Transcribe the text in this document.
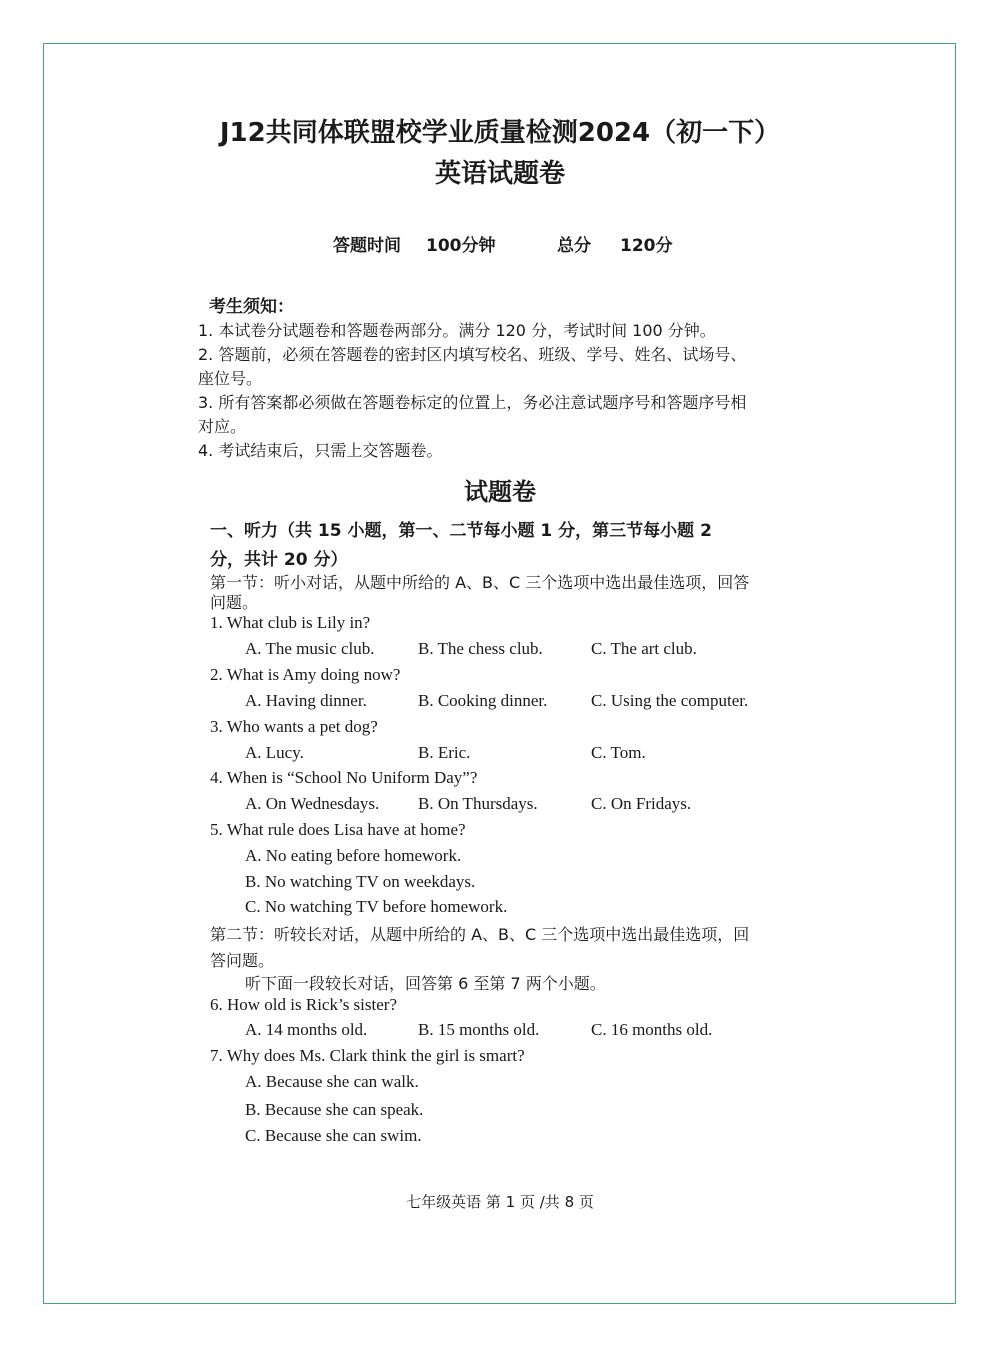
J12共同体联盟校学业质量检测2024（初一下）
英语试题卷
答题时间 100分钟	总分 120分
考生须知：
1. 本试卷分试题卷和答题卷两部分。满分 120 分，考试时间 100 分钟。
2. 答题前，必须在答题卷的密封区内填写校名、班级、学号、姓名、试场号、
座位号。
3. 所有答案都必须做在答题卷标定的位置上，务必注意试题序号和答题序号相
对应。
4. 考试结束后，只需上交答题卷。
试题卷
一、听力（共 15 小题，第一、二节每小题 1 分，第三节每小题 2
分，共计 20 分）
第一节：听小对话，从题中所给的 A、B、C 三个选项中选出最佳选项，回答
问题。
1. What club is Lily in?
A. The music club.	B. The chess club.	C. The art club.
2. What is Amy doing now?
A. Having dinner.	B. Cooking dinner.	C. Using the computer.
3. Who wants a pet dog?
A. Lucy.	B. Eric.	C. Tom.
4. When is “School No Uniform Day”?
A. On Wednesdays. B. On Thursdays.	C. On Fridays.
5. What rule does Lisa have at home?
A. No eating before homework.
B. No watching TV on weekdays.
C. No watching TV before homework.
第二节：听较长对话，从题中所给的 A、B、C 三个选项中选出最佳选项，回
答问题。
听下面一段较长对话，回答第 6 至第 7 两个小题。
6. How old is Rick’s sister?
A. 14 months old.	B. 15 months old.	C. 16 months old.
7. Why does Ms. Clark think the girl is smart?
A. Because she can walk.
B. Because she can speak.
C. Because she can swim.
七年级英语 第 1 页 /共 8 页
